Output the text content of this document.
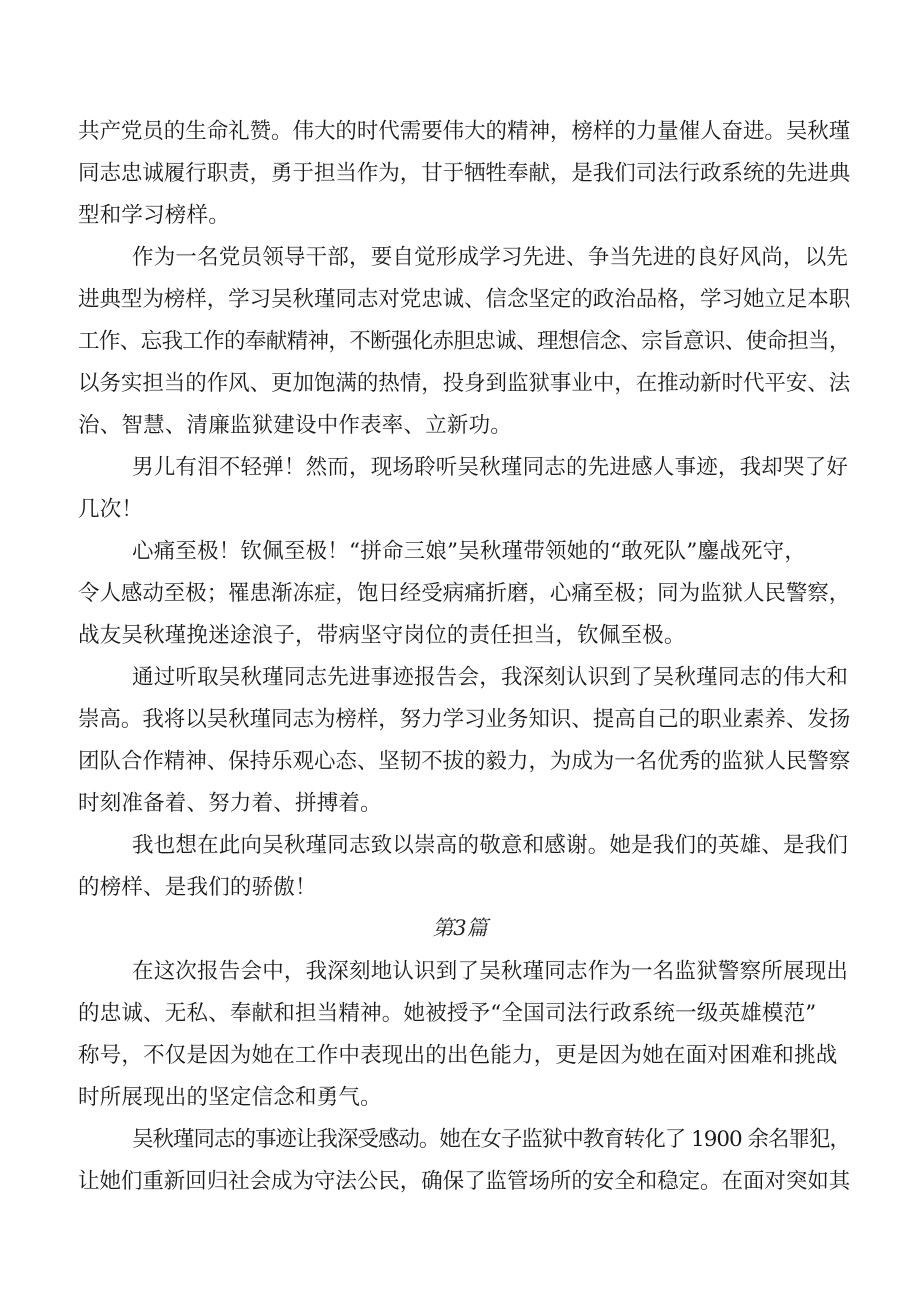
共产党员的生命礼赞。伟大的时代需要伟大的精神，榜样的力量催人奋进。吴秋瑾
同志忠诚履行职责，勇于担当作为，甘于牺牲奉献，是我们司法行政系统的先进典
型和学习榜样。
作为一名党员领导干部，要自觉形成学习先进、争当先进的良好风尚，以先
进典型为榜样，学习吴秋瑾同志对党忠诚、信念坚定的政治品格，学习她立足本职
工作、忘我工作的奉献精神，不断强化赤胆忠诚、理想信念、宗旨意识、使命担当，
以务实担当的作风、更加饱满的热情，投身到监狱事业中，在推动新时代平安、法
治、智慧、清廉监狱建设中作表率、立新功。
男儿有泪不轻弹！然而，现场聆听吴秋瑾同志的先进感人事迹，我却哭了好
几次！
心痛至极！钦佩至极！“拼命三娘”吴秋瑾带领她的“敢死队”鏖战死守，
令人感动至极；罹患渐冻症，饱日经受病痛折磨，心痛至极；同为监狱人民警察，
战友吴秋瑾挽迷途浪子，带病坚守岗位的责任担当，钦佩至极。
通过听取吴秋瑾同志先进事迹报告会，我深刻认识到了吴秋瑾同志的伟大和
崇高。我将以吴秋瑾同志为榜样，努力学习业务知识、提高自己的职业素养、发扬
团队合作精神、保持乐观心态、坚韧不拔的毅力，为成为一名优秀的监狱人民警察
时刻准备着、努力着、拼搏着。
我也想在此向吴秋瑾同志致以崇高的敬意和感谢。她是我们的英雄、是我们
的榜样、是我们的骄傲！
第3篇
在这次报告会中，我深刻地认识到了吴秋瑾同志作为一名监狱警察所展现出
的忠诚、无私、奉献和担当精神。她被授予“全国司法行政系统一级英雄模范”
称号，不仅是因为她在工作中表现出的出色能力，更是因为她在面对困难和挑战
时所展现出的坚定信念和勇气。
吴秋瑾同志的事迹让我深受感动。她在女子监狱中教育转化了 1900 余名罪犯，
让她们重新回归社会成为守法公民，确保了监管场所的安全和稳定。在面对突如其
